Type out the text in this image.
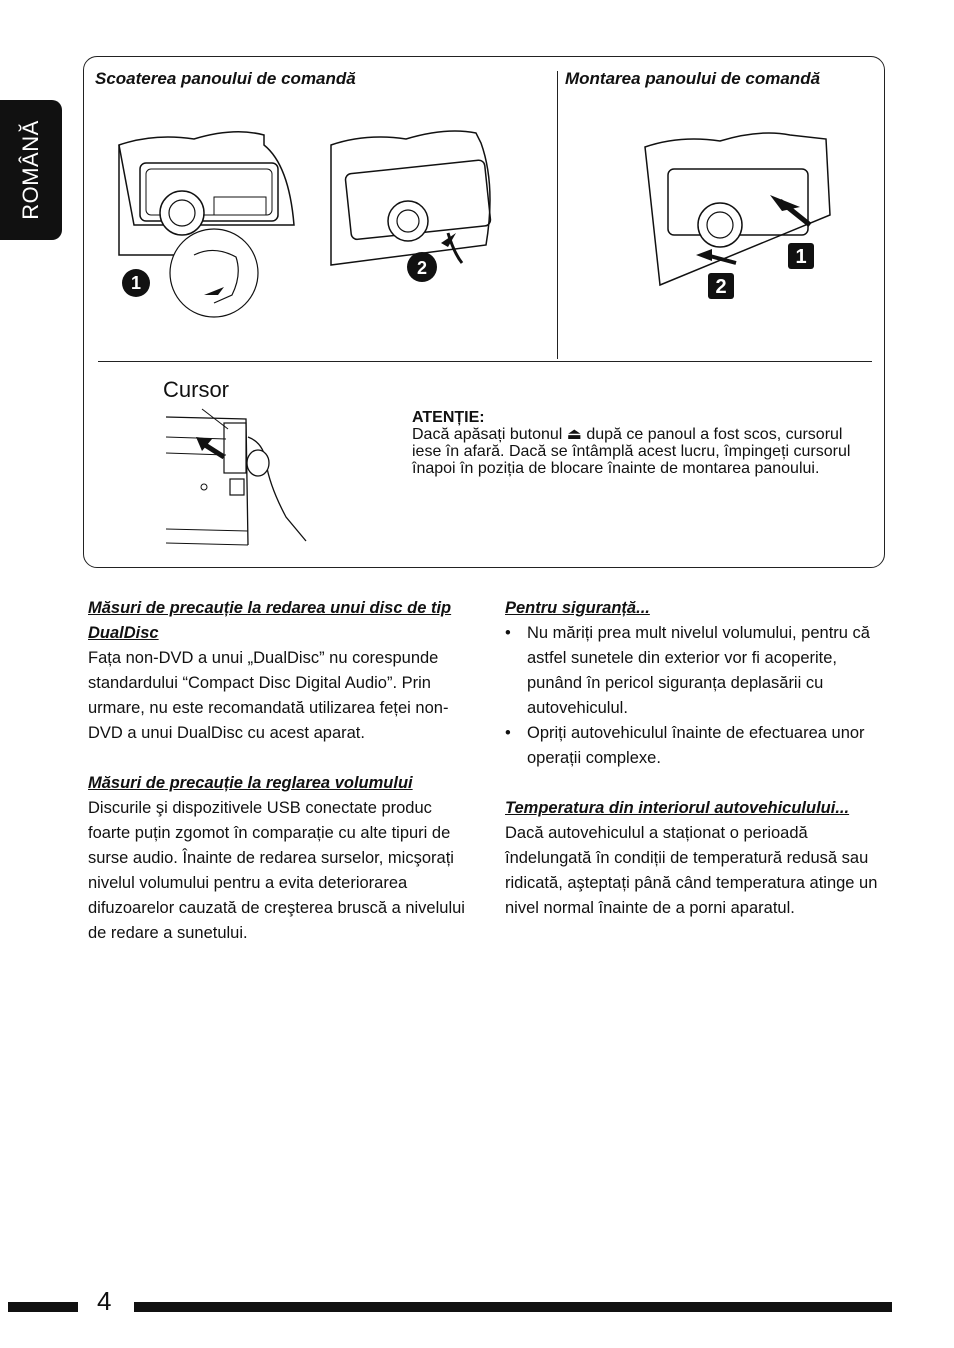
ROMÂNĂ
Scoaterea panoului de comandă	Montarea panoului de comandă
1
2	1
2
Cursor
ATENȚIE:
Dacă apăsați butonul ⏏ după ce panoul a fost scos, cursorul iese în afară. Dacă se întâmplă acest lucru, împingeți cursorul înapoi în poziția de blocare înainte de montarea panoului.
Măsuri de precauție la redarea unui disc de tip DualDisc

Fața non-DVD a unui „DualDisc” nu corespunde standardului “Compact Disc Digital Audio”. Prin urmare, nu este recomandată utilizarea feței non-DVD a unui DualDisc cu acest aparat.

Măsuri de precauție la reglarea volumului

Discurile şi dispozitivele USB conectate produc foarte puțin zgomot în comparație cu alte tipuri de surse audio. Înainte de redarea surselor, micşorați nivelul volumului pentru a evita deteriorarea difuzoarelor cauzată de creşterea bruscă a nivelului de redare a sunetului.

Pentru siguranță...
• Nu măriți prea mult nivelul volumului, pentru că astfel sunetele din exterior vor fi acoperite, punând în pericol siguranța deplasării cu autovehiculul.
• Opriți autovehiculul înainte de efectuarea unor operații complexe.
Temperatura din interiorul autovehiculului...

Dacă autovehiculul a staționat o perioadă îndelungată în condiții de temperatură redusă sau ridicată, aşteptați până când temperatura atinge un nivel normal înainte de a porni aparatul.

4
